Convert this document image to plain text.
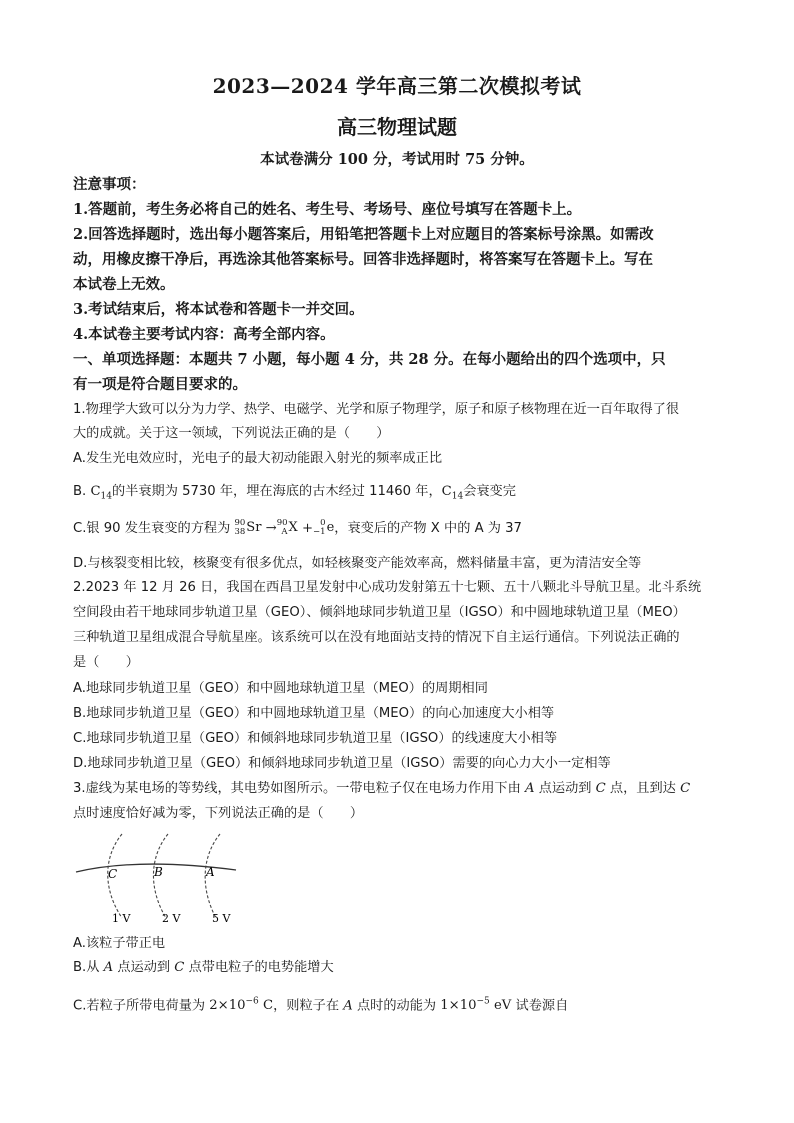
2023—2024 学年高三第二次模拟考试
高三物理试题
本试卷满分 100 分，考试用时 75 分钟。
注意事项：
1.答题前，考生务必将自己的姓名、考生号、考场号、座位号填写在答题卡上。
2.回答选择题时，选出每小题答案后，用铅笔把答题卡上对应题目的答案标号涂黑。如需改
动，用橡皮擦干净后，再选涂其他答案标号。回答非选择题时，将答案写在答题卡上。写在
本试卷上无效。
3.考试结束后，将本试卷和答题卡一并交回。
4.本试卷主要考试内容：高考全部内容。
一、单项选择题：本题共 7 小题，每小题 4 分，共 28 分。在每小题给出的四个选项中，只
有一项是符合题目要求的。
1.物理学大致可以分为力学、热学、电磁学、光学和原子物理学，原子和原子核物理在近一百年取得了很
大的成就。关于这一领域，下列说法正确的是（　　）
A.发生光电效应时，光电子的最大初动能跟入射光的频率成正比
B. $C_{14}$的半衰期为 5730 年，埋在海底的古木经过 11460 年，$C_{14}$会衰变完
C.银 90 发生衰变的方程为 90
38 Sr → 90
A X + 0
−1 e，衰变后的产物 X 中的 A 为 37
D.与核裂变相比较，核聚变有很多优点，如轻核聚变产能效率高，燃料储量丰富，更为清洁安全等
2.2023 年 12 月 26 日，我国在西昌卫星发射中心成功发射第五十七颗、五十八颗北斗导航卫星。北斗系统
空间段由若干地球同步轨道卫星（GEO）、倾斜地球同步轨道卫星（IGSO）和中圆地球轨道卫星（MEO）
三种轨道卫星组成混合导航星座。该系统可以在没有地面站支持的情况下自主运行通信。下列说法正确的
是（　　）
A.地球同步轨道卫星（GEO）和中圆地球轨道卫星（MEO）的周期相同
B.地球同步轨道卫星（GEO）和中圆地球轨道卫星（MEO）的向心加速度大小相等
C.地球同步轨道卫星（GEO）和倾斜地球同步轨道卫星（IGSO）的线速度大小相等
D.地球同步轨道卫星（GEO）和倾斜地球同步轨道卫星（IGSO）需要的向心力大小一定相等
3.虚线为某电场的等势线，其电势如图所示。一带电粒子仅在电场力作用下由 A 点运动到 C 点，且到达 C
点时速度恰好减为零，下列说法正确的是（　　）
C	B	A
1 V	2 V	5 V
A.该粒子带正电
B.从 A 点运动到 C 点带电粒子的电势能增大
C.若粒子所带电荷量为 $2\times 10^{-6}$ C，则粒子在 A 点时的动能为 $1\times 10^{-5}$ eV 试卷源自
